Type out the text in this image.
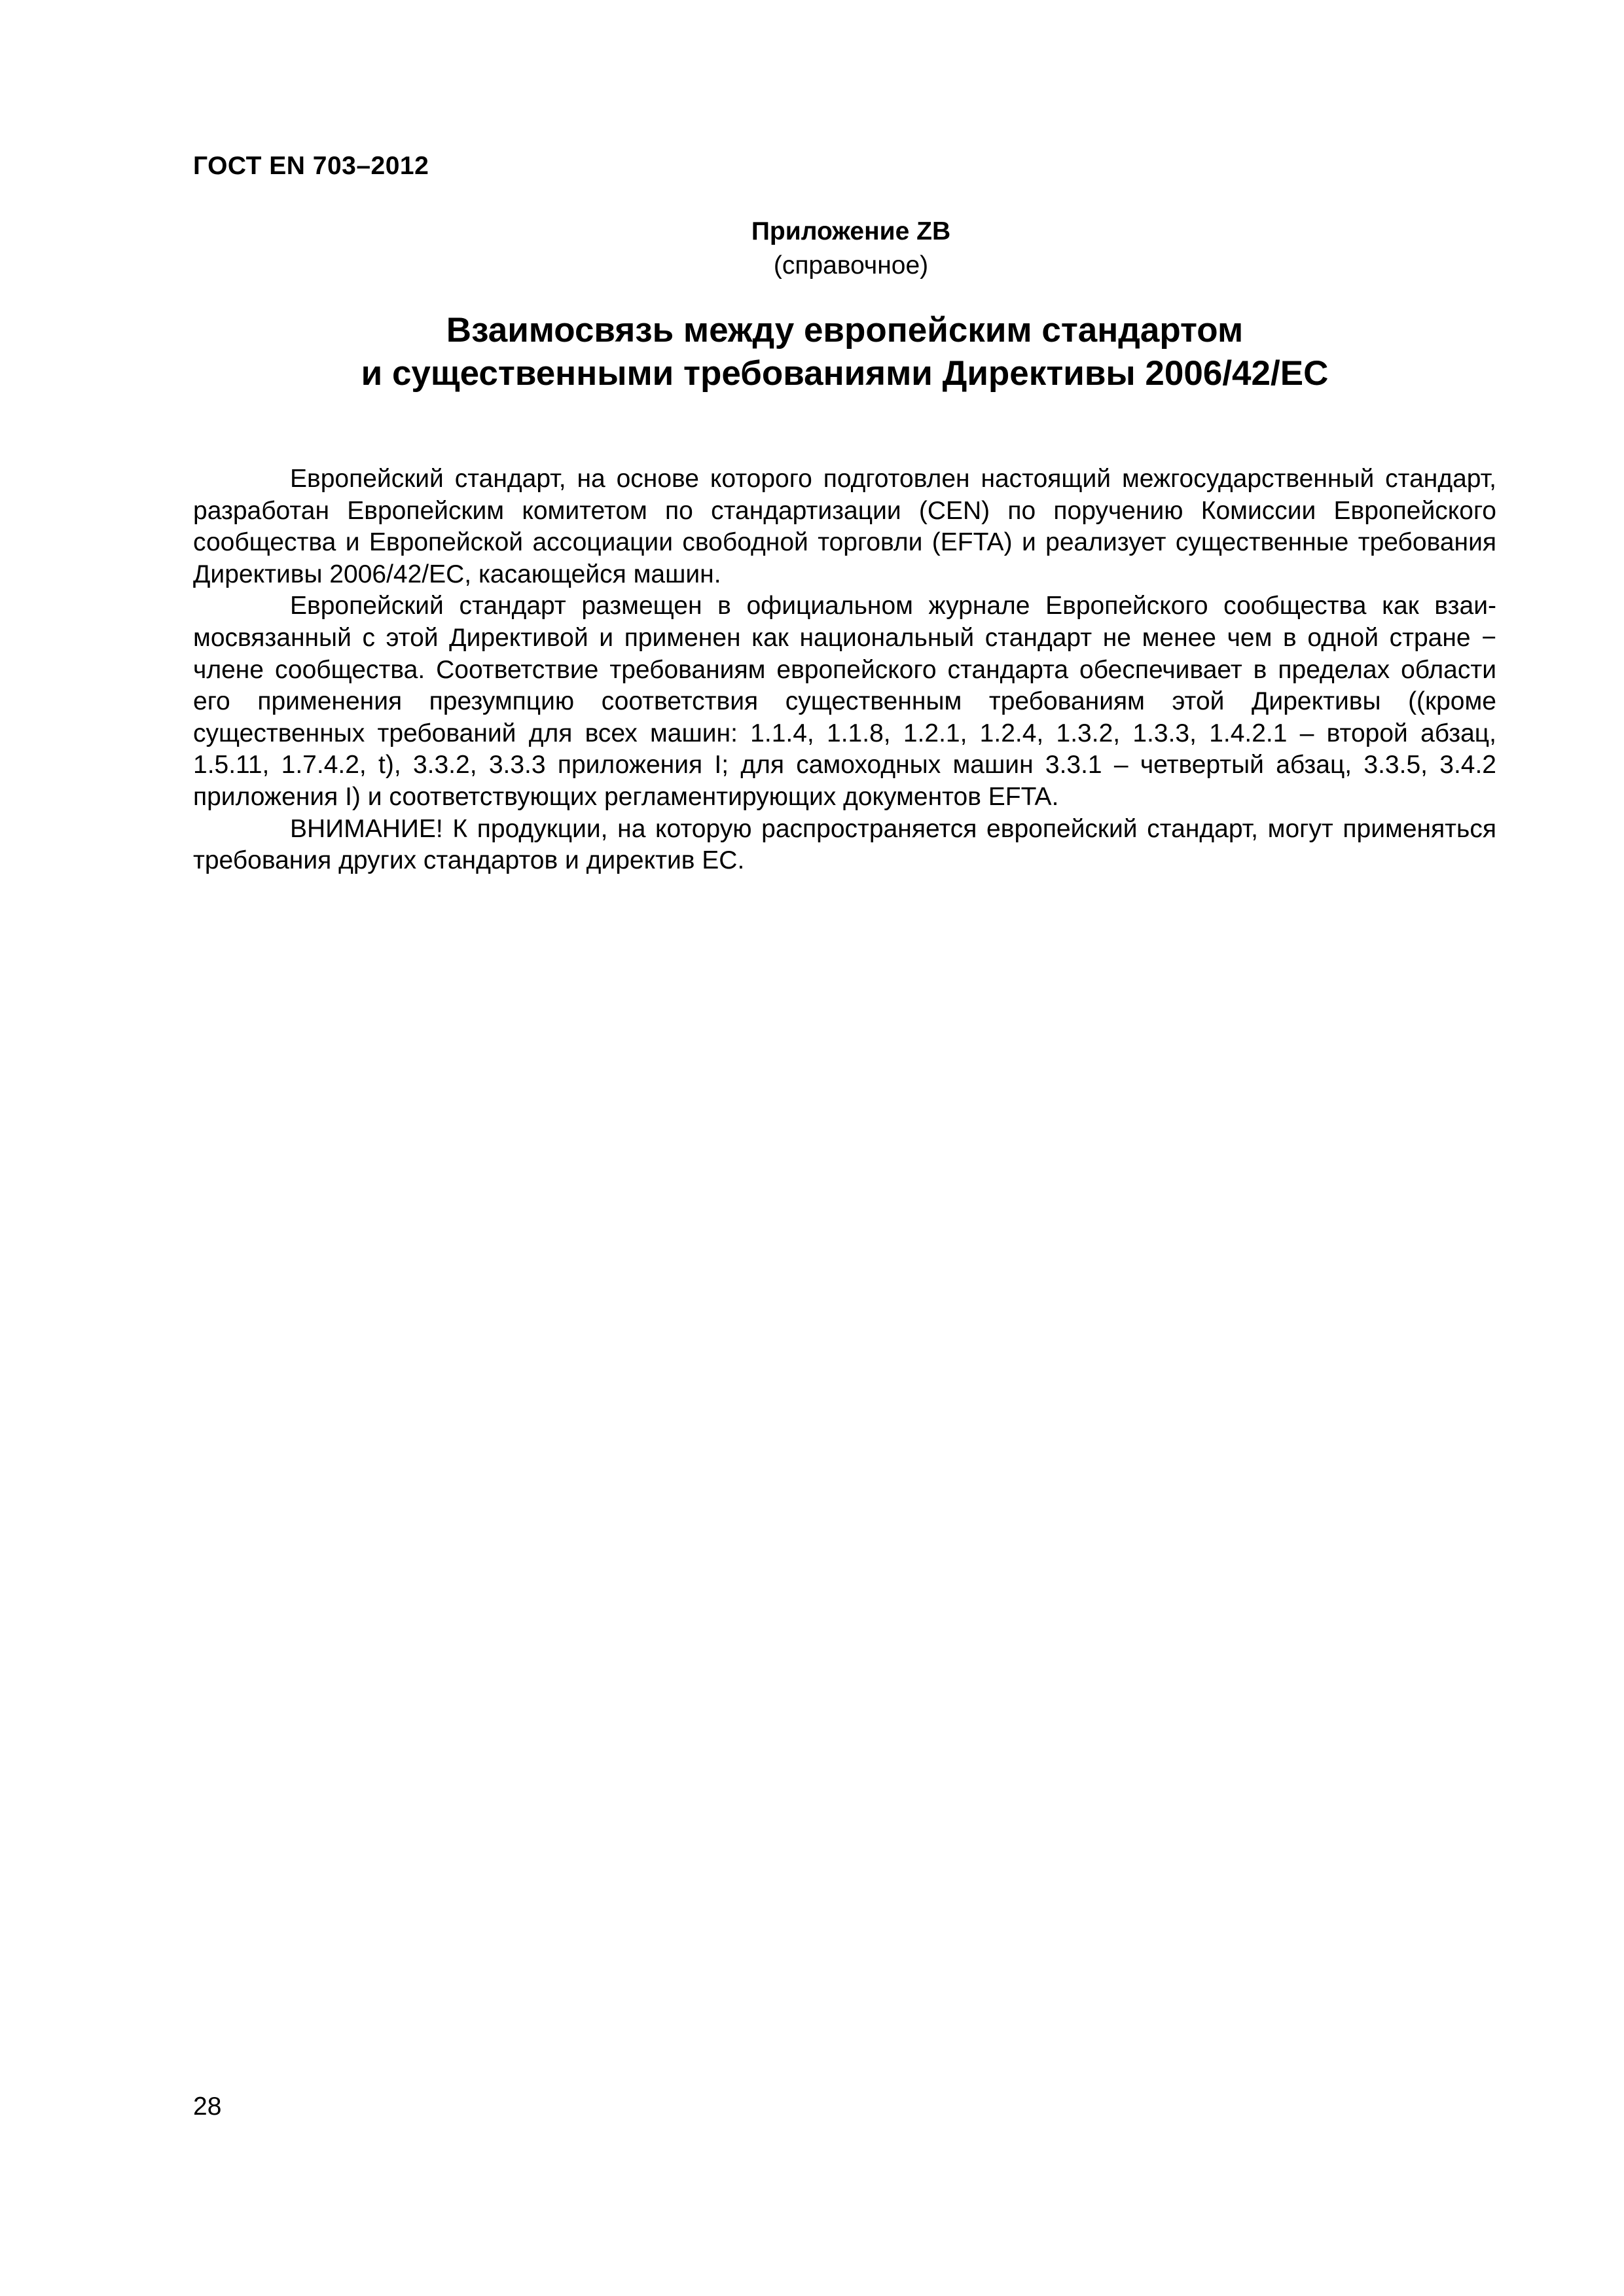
ГОСТ EN 703–2012
Приложение ZB
(справочное)
Взаимосвязь между европейским стандартом
и существенными требованиями Директивы 2006/42/ЕС

Европейский стандарт, на основе которого подготовлен настоящий межгосударственный стандарт, разработан Европейским комитетом по стандартизации (CEN) по поручению Комиссии Европейского сообщества и Европейской ассоциации свободной торговли (EFTA) и реализует существенные требования Директивы 2006/42/ЕС, касающейся машин.

Европейский стандарт размещен в официальном журнале Европейского сообщества как взаимосвязанный с этой Директивой и применен как национальный стандарт не менее чем в одной стране − члене сообщества. Соответствие требованиям европейского стандарта обеспечивает в пределах области его применения презумпцию соответствия существенным требованиям этой Директивы ((кроме существенных требований для всех машин: 1.1.4, 1.1.8, 1.2.1, 1.2.4, 1.3.2, 1.3.3, 1.4.2.1 – второй абзац, 1.5.11, 1.7.4.2, t), 3.3.2, 3.3.3 приложения I; для самоходных машин 3.3.1 – четвертый абзац, 3.3.5, 3.4.2 приложения I) и соответствующих регламентирующих документов EFTA.

ВНИМАНИЕ! К продукции, на которую распространяется европейский стандарт, могут применяться требования других стандартов и директив ЕС.

28
